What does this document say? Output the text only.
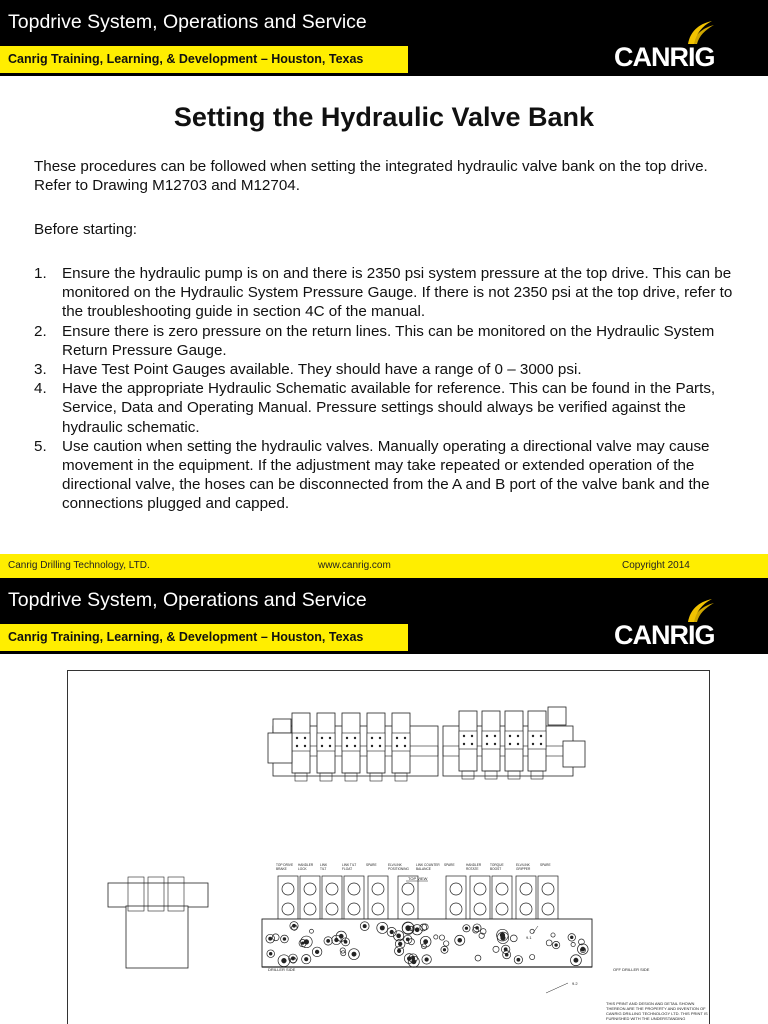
Topdrive System, Operations and Service
Canrig Training, Learning, & Development – Houston, Texas	CANRIG
Setting the Hydraulic Valve Bank

These procedures can be followed when setting the integrated hydraulic valve bank on the top drive. Refer to Drawing M12703 and M12704.

Before starting:

1. Ensure the hydraulic pump is on and there is 2350 psi system pressure at the top drive. This can be monitored on the Hydraulic System Pressure Gauge. If there is not 2350 psi at the top drive, refer to the troubleshooting guide in section 4C of the manual.
2. Ensure there is zero pressure on the return lines. This can be monitored on the Hydraulic System Return Pressure Gauge.
3. Have Test Point Gauges available. They should have a range of 0 – 3000 psi.
4. Have the appropriate Hydraulic Schematic available for reference. This can be found in the Parts, Service, Data and Operating Manual. Pressure settings should always be verified against the hydraulic schematic.
5. Use caution when setting the hydraulic valves. Manually operating a directional valve may cause movement in the equipment. If the adjustment may take repeated or extended operation of the directional valve, the hoses can be disconnected from the A and B port of the valve bank and the connections plugged and capped.
Canrig Drilling Technology, LTD.	www.canrig.com	Copyright 2014
Topdrive System, Operations and Service
Canrig Training, Learning, & Development – Houston, Texas	CANRIG
TOP VIEW
DRILLER SIDE	OFF DRILLER SIDE
9.1
9.2
TOP DRIVE BRAKE
HANDLER LOCK
LINK TILT
LINK TILT FLOAT
SPARE	ELV/LINK POSITIONING
LINK COUNTER BALANCE
SPARE	HANDLER ROTATE
TORQUE BOOST
ELV/LINK GRIPPER
SPARE
THIS PRINT AND DESIGN AND DETAIL SHOWN THEREON ARE THE PROPERTY AND INVENTION OF CANRIG DRILLING TECHNOLOGY LTD. THIS PRINT IS FURNISHED WITH THE UNDERSTANDING
